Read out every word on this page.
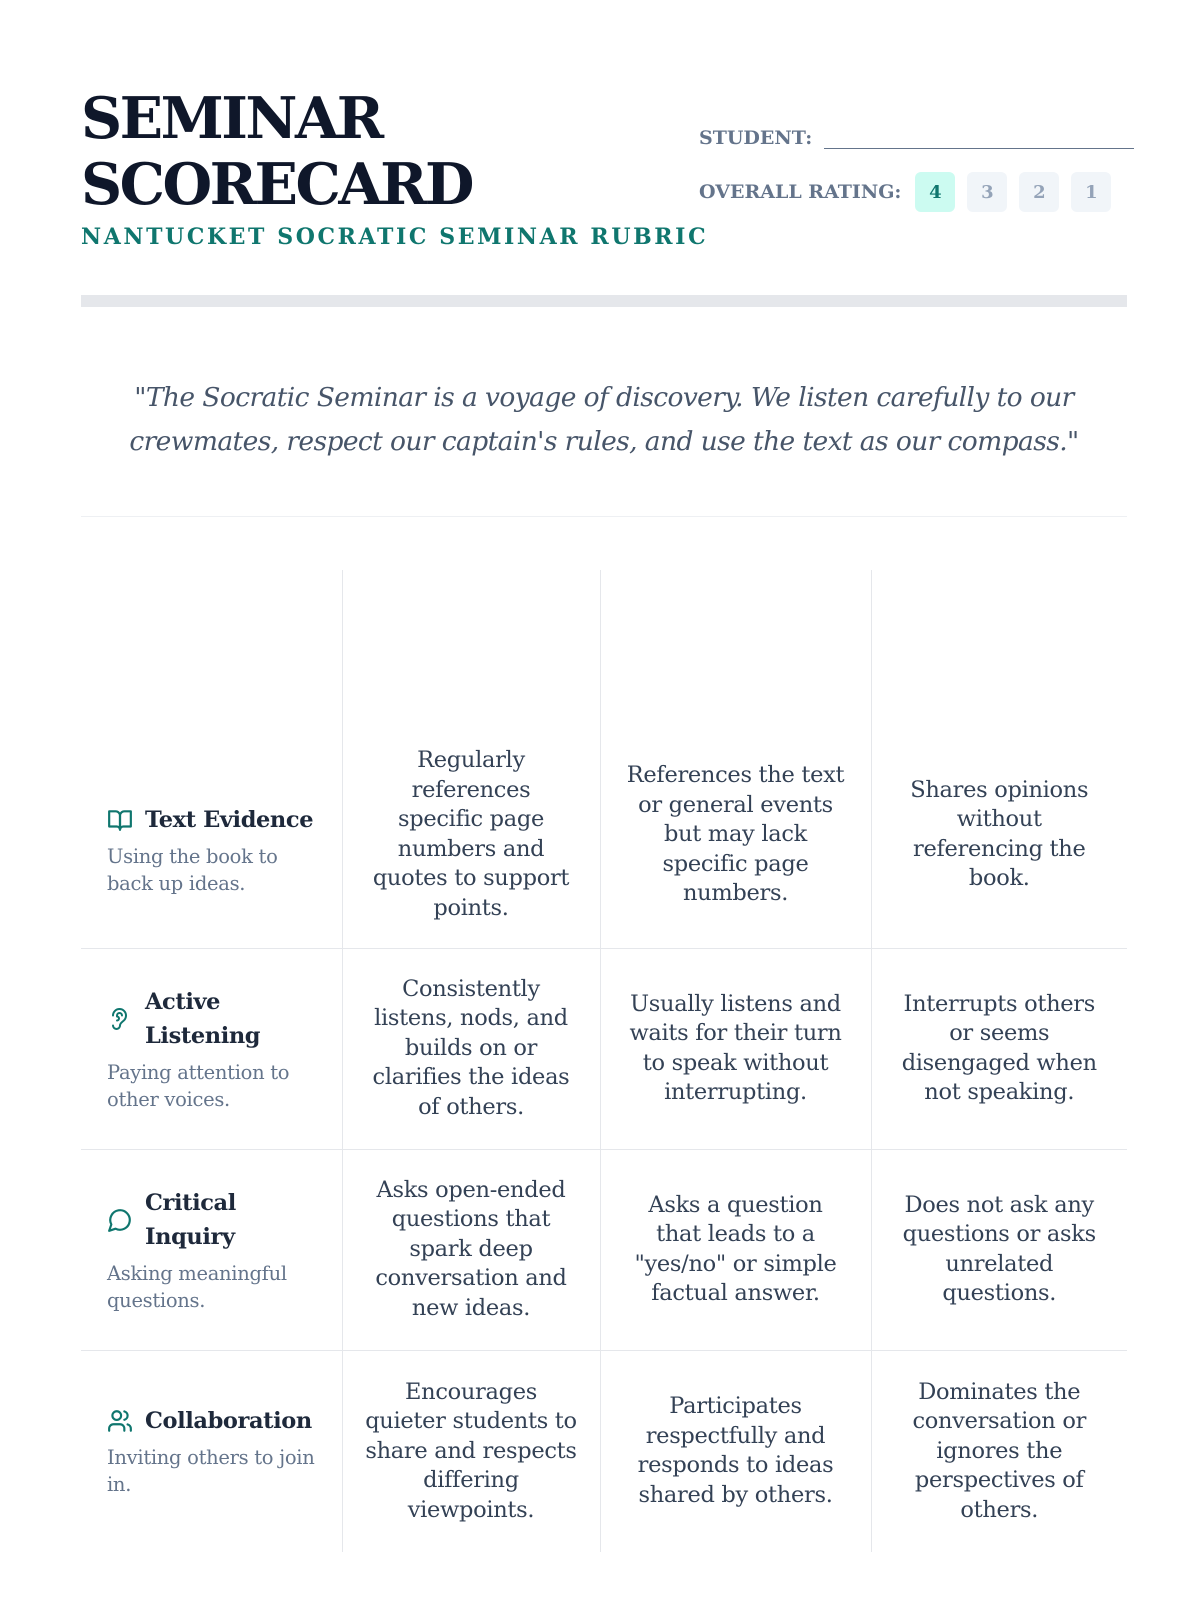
SEMINAR
SCORECARD
NANTUCKET SOCRATIC SEMINAR RUBRIC
STUDENT:
OVERALL RATING:	4	3	2	1

"The Socratic Seminar is a voyage of discovery. We listen carefully to our crewmates, respect our captain's rules, and use the text as our compass."

Text Evidence
Using the book to back up ideas.	Regularly references specific page numbers and quotes to support points.	References the text or general events but may lack specific page numbers.	Shares opinions without referencing the book.

Active Listening
Paying attention to other voices.	Consistently listens, nods, and builds on or clarifies the ideas of others.	Usually listens and waits for their turn to speak without interrupting.	Interrupts others or seems disengaged when not speaking.

Critical Inquiry
Asking meaningful questions.	Asks open-ended questions that spark deep conversation and new ideas.	Asks a question that leads to a "yes/no" or simple factual answer.	Does not ask any questions or asks unrelated questions.

Collaboration
Inviting others to join in.	Encourages quieter students to share and respects differing viewpoints.	Participates respectfully and responds to ideas shared by others.	Dominates the conversation or ignores the perspectives of others.
